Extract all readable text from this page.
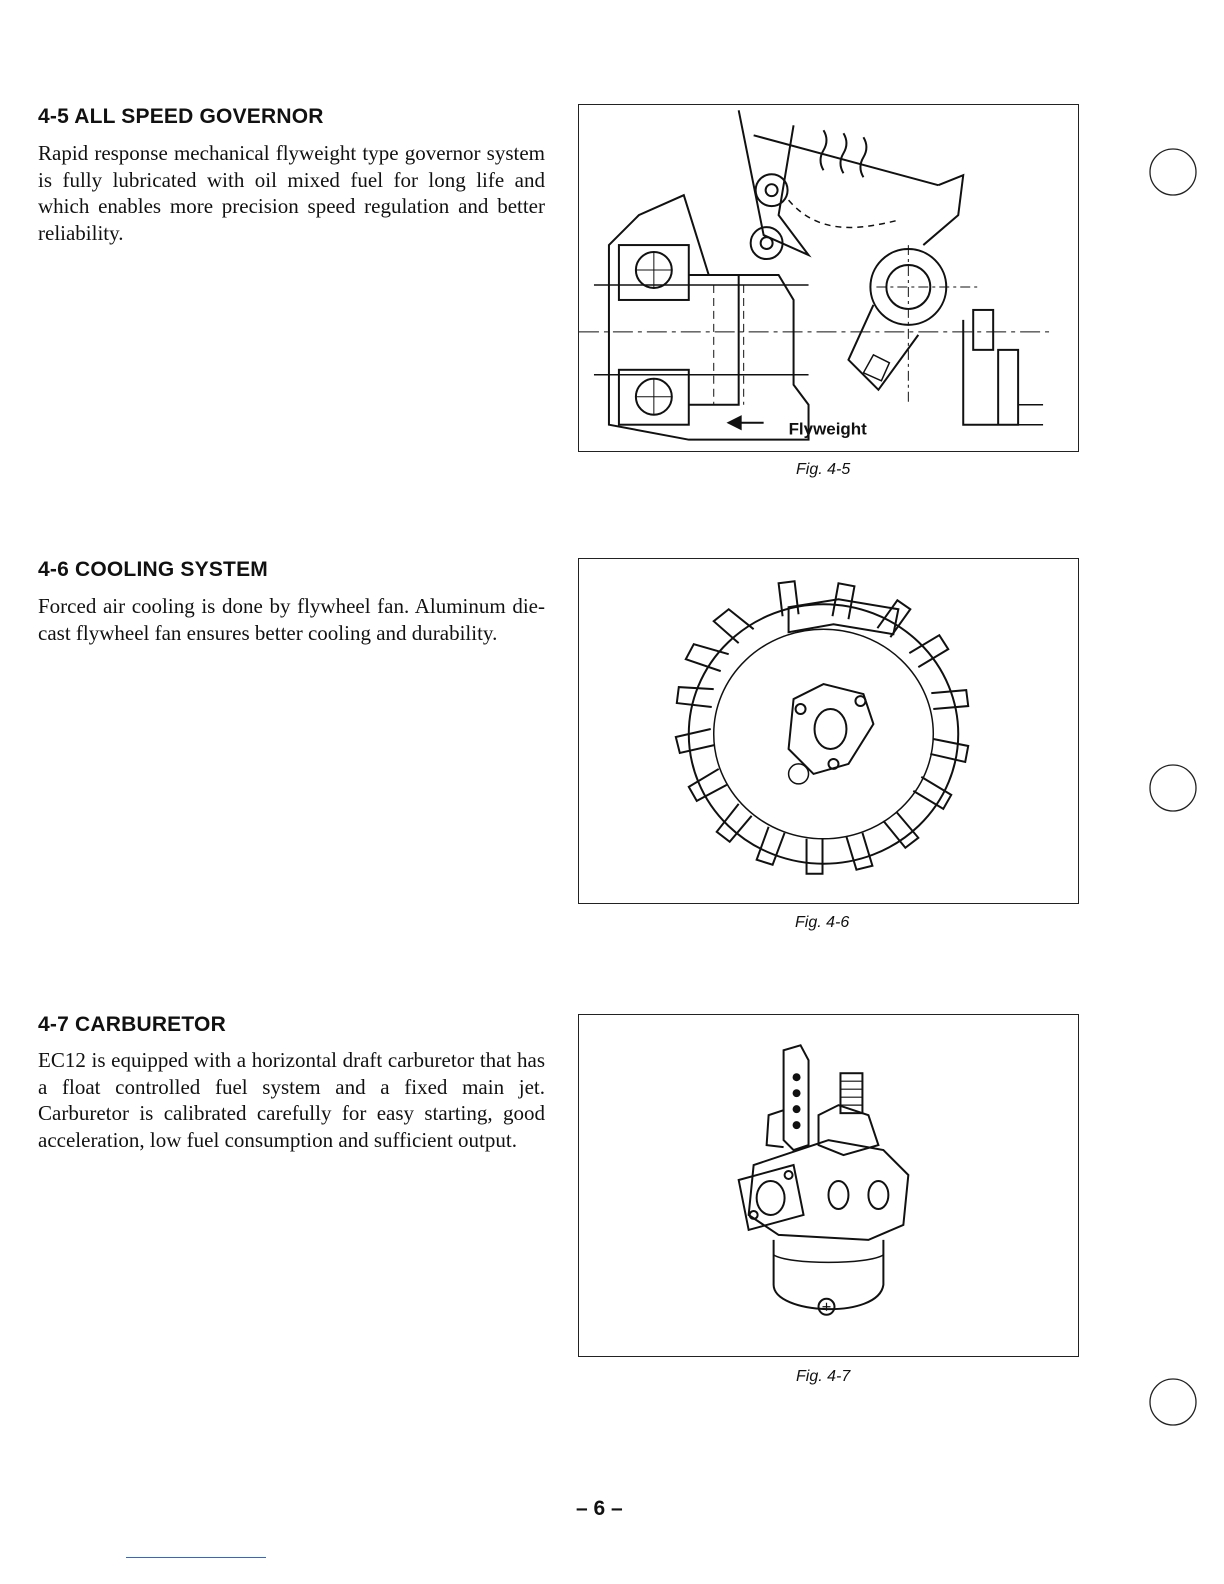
4-5 ALL SPEED GOVERNOR

Rapid response mechanical flyweight type governor system is fully lubricated with oil mixed fuel for long life and which enables more precision speed regulation and better reliability.

Flyweight

Fig. 4-5

4-6 COOLING SYSTEM

Forced air cooling is done by flywheel fan. Aluminum die-cast flywheel fan ensures better cooling and durability.

Fig. 4-6

4-7 CARBURETOR

EC12 is equipped with a horizontal draft carburetor that has a float controlled fuel system and a fixed main jet. Carburetor is calibrated carefully for easy starting, good acceleration, low fuel consumption and sufficient output.

Fig. 4-7

– 6 –
